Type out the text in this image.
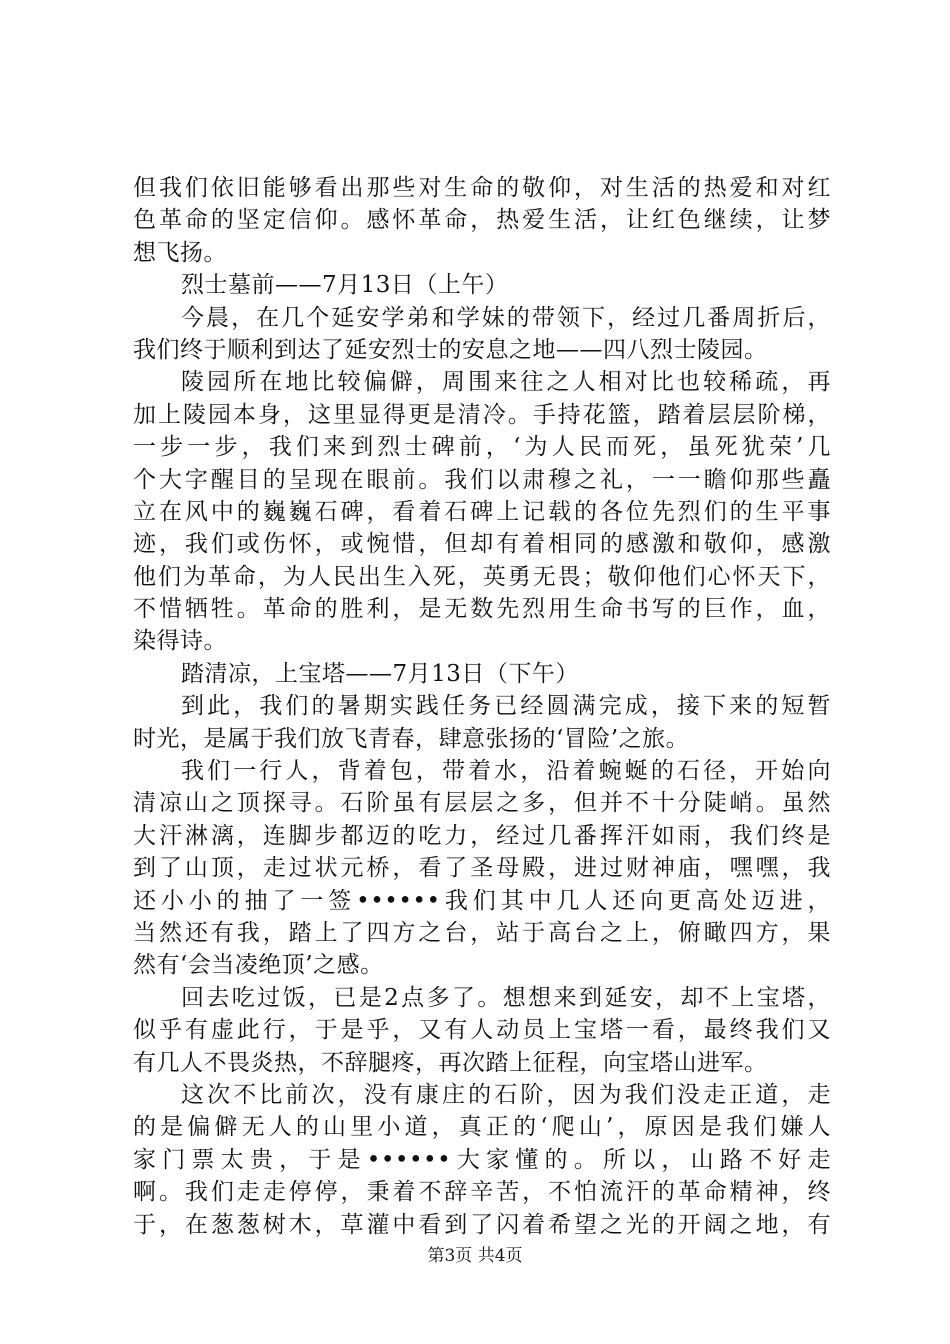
但我们依旧能够看出那些对生命的敬仰，对生活的热爱和对红
色革命的坚定信仰。感怀革命，热爱生活，让红色继续，让梦
想飞扬。
烈士墓前——7月13日（上午）
今晨，在几个延安学弟和学妹的带领下，经过几番周折后，
我们终于顺利到达了延安烈士的安息之地——四八烈士陵园。
陵园所在地比较偏僻，周围来往之人相对比也较稀疏，再
加上陵园本身，这里显得更是清冷。手持花篮，踏着层层阶梯，
一步一步，我们来到烈士碑前，‘为人民而死，虽死犹荣’几
个大字醒目的呈现在眼前。我们以肃穆之礼，一一瞻仰那些矗
立在风中的巍巍石碑，看着石碑上记载的各位先烈们的生平事
迹，我们或伤怀，或惋惜，但却有着相同的感激和敬仰，感激
他们为革命，为人民出生入死，英勇无畏；敬仰他们心怀天下，
不惜牺牲。革命的胜利，是无数先烈用生命书写的巨作，血，
染得诗。
踏清凉，上宝塔——7月13日（下午）
到此，我们的暑期实践任务已经圆满完成，接下来的短暂
时光，是属于我们放飞青春，肆意张扬的‘冒险’之旅。
我们一行人，背着包，带着水，沿着蜿蜒的石径，开始向
清凉山之顶探寻。石阶虽有层层之多，但并不十分陡峭。虽然
大汗淋漓，连脚步都迈的吃力，经过几番挥汗如雨，我们终是
到了山顶，走过状元桥，看了圣母殿，进过财神庙，嘿嘿，我
还小小的抽了一签••••••我们其中几人还向更高处迈进，
当然还有我，踏上了四方之台，站于高台之上，俯瞰四方，果
然有‘会当凌绝顶’之感。
回去吃过饭，已是2点多了。想想来到延安，却不上宝塔，
似乎有虚此行，于是乎，又有人动员上宝塔一看，最终我们又
有几人不畏炎热，不辞腿疼，再次踏上征程，向宝塔山进军。
这次不比前次，没有康庄的石阶，因为我们没走正道，走
的是偏僻无人的山里小道，真正的‘爬山’，原因是我们嫌人
家门票太贵，于是••••••大家懂的。所以，山路不好走
啊。我们走走停停，秉着不辞辛苦，不怕流汗的革命精神，终
于，在葱葱树木，草灌中看到了闪着希望之光的开阔之地，有
第3页 共4页
